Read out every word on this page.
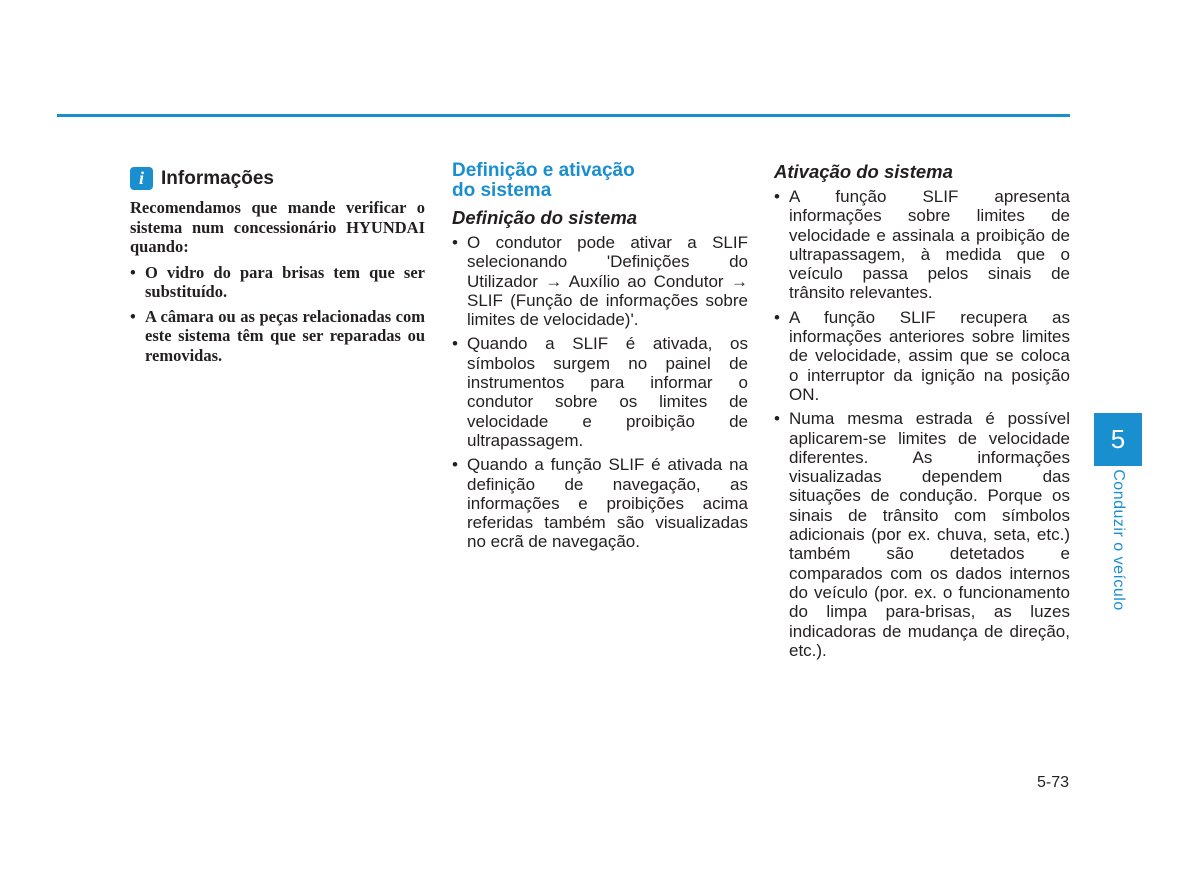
i Informações

Recomendamos que mande verificar o sistema num concessionário HYUNDAI quando:

• O vidro do para brisas tem que ser substituído.
• A câmara ou as peças relacionadas com este sistema têm que ser reparadas ou removidas.
Definição e ativação
do sistema
Definição do sistema
• O condutor pode ativar a SLIF selecionando 'Definições do Utilizador → Auxílio ao Condutor → SLIF (Função de informações sobre limites de velocidade)'.
• Quando a SLIF é ativada, os símbolos surgem no painel de instrumentos para informar o condutor sobre os limites de velocidade e proibição de ultrapassagem.
• Quando a função SLIF é ativada na definição de navegação, as informações e proibições acima referidas também são visualizadas no ecrã de navegação.
Ativação do sistema
• A função SLIF apresenta informações sobre limites de velocidade e assinala a proibição de ultrapassagem, à medida que o veículo passa pelos sinais de trânsito relevantes.
• A função SLIF recupera as informações anteriores sobre limites de velocidade, assim que se coloca o interruptor da ignição na posição ON.
• Numa mesma estrada é possível aplicarem-se limites de velocidade diferentes. As informações visualizadas dependem das situações de condução. Porque os sinais de trânsito com símbolos adicionais (por ex. chuva, seta, etc.) também são detetados e comparados com os dados internos do veículo (por. ex. o funcionamento do limpa para-brisas, as luzes indicadoras de mudança de direção, etc.).
5
Conduzir o veículo
5-73
